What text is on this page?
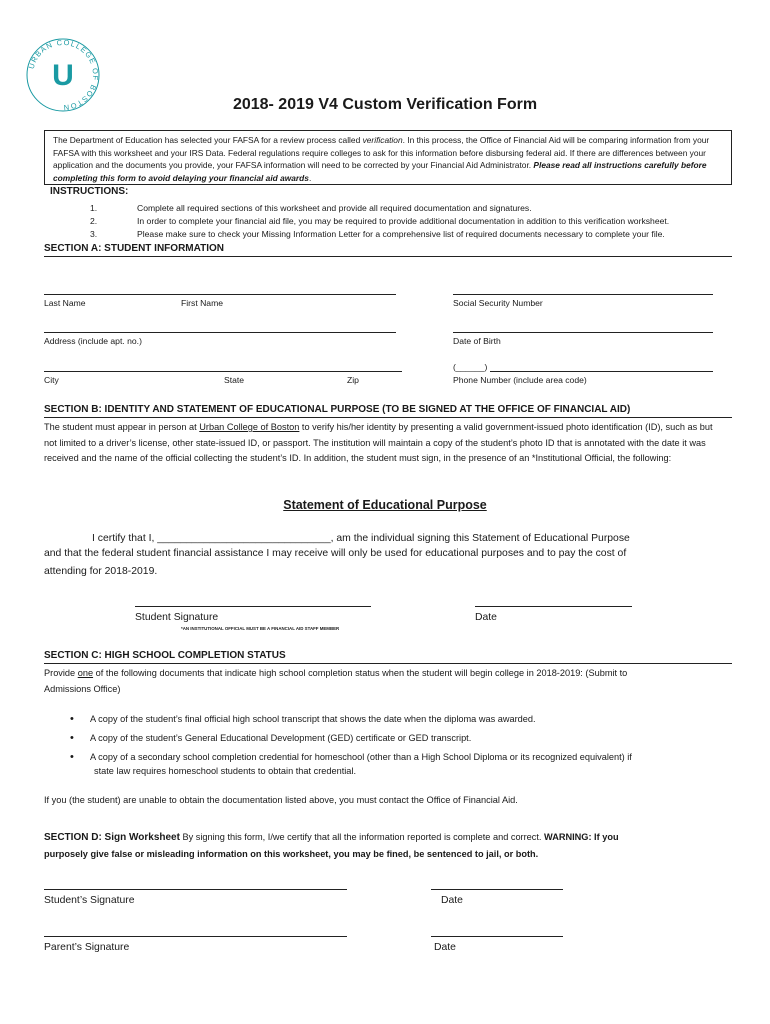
URBAN COLLEGE OF BOSTON
U
2018- 2019 V4 Custom Verification Form
The Department of Education has selected your FAFSA for a review process called verification. In this process, the Office of Financial Aid will be comparing information from your FAFSA with this worksheet and your IRS Data. Federal regulations require colleges to ask for this information before disbursing federal aid. If there are differences between your application and the documents you provide, your FAFSA information will need to be corrected by your Financial Aid Administrator. Please read all instructions carefully before completing this form to avoid delaying your financial aid awards.
INSTRUCTIONS:
1.	Complete all required sections of this worksheet and provide all required documentation and signatures.
2.	In order to complete your financial aid file, you may be required to provide additional documentation in addition to this verification worksheet.
3.	Please make sure to check your Missing Information Letter for a comprehensive list of required documents necessary to complete your file.
SECTION A: STUDENT INFORMATION
Last Name	First Name	Social Security Number
Address (include apt. no.)	Date of Birth
(______)
City	State	Zip	Phone Number (include area code)
SECTION B: IDENTITY AND STATEMENT OF EDUCATIONAL PURPOSE (TO BE SIGNED AT THE OFFICE OF FINANCIAL AID)
The student must appear in person at Urban College of Boston to verify his/her identity by presenting a valid government-issued photo identification (ID), such as but not limited to a driver’s license, other state-issued ID, or passport. The institution will maintain a copy of the student’s photo ID that is annotated with the date it was received and the name of the official collecting the student’s ID. In addition, the student must sign, in the presence of an *Institutional Official, the following:
Statement of Educational Purpose
I certify that I, ______________________________, am the individual signing this Statement of Educational Purpose
and that the federal student financial assistance I may receive will only be used for educational purposes and to pay the cost of
attending for 2018-2019.
Student Signature	Date
*AN INSTITUTIONAL OFFICIAL MUST BE A FINANCIAL AID STAFF MEMBER
SECTION C: HIGH SCHOOL COMPLETION STATUS
Provide one of the following documents that indicate high school completion status when the student will begin college in 2018-2019: (Submit to
Admissions Office)
• A copy of the student’s final official high school transcript that shows the date when the diploma was awarded.
• A copy of the student’s General Educational Development (GED) certificate or GED transcript.
• A copy of a secondary school completion credential for homeschool (other than a High School Diploma or its recognized equivalent) if
state law requires homeschool students to obtain that credential.
If you (the student) are unable to obtain the documentation listed above, you must contact the Office of Financial Aid.
SECTION D: Sign Worksheet By signing this form, I/we certify that all the information reported is complete and correct. WARNING: If you
purposely give false or misleading information on this worksheet, you may be fined, be sentenced to jail, or both.
Student’s Signature	Date
Parent’s Signature	Date
